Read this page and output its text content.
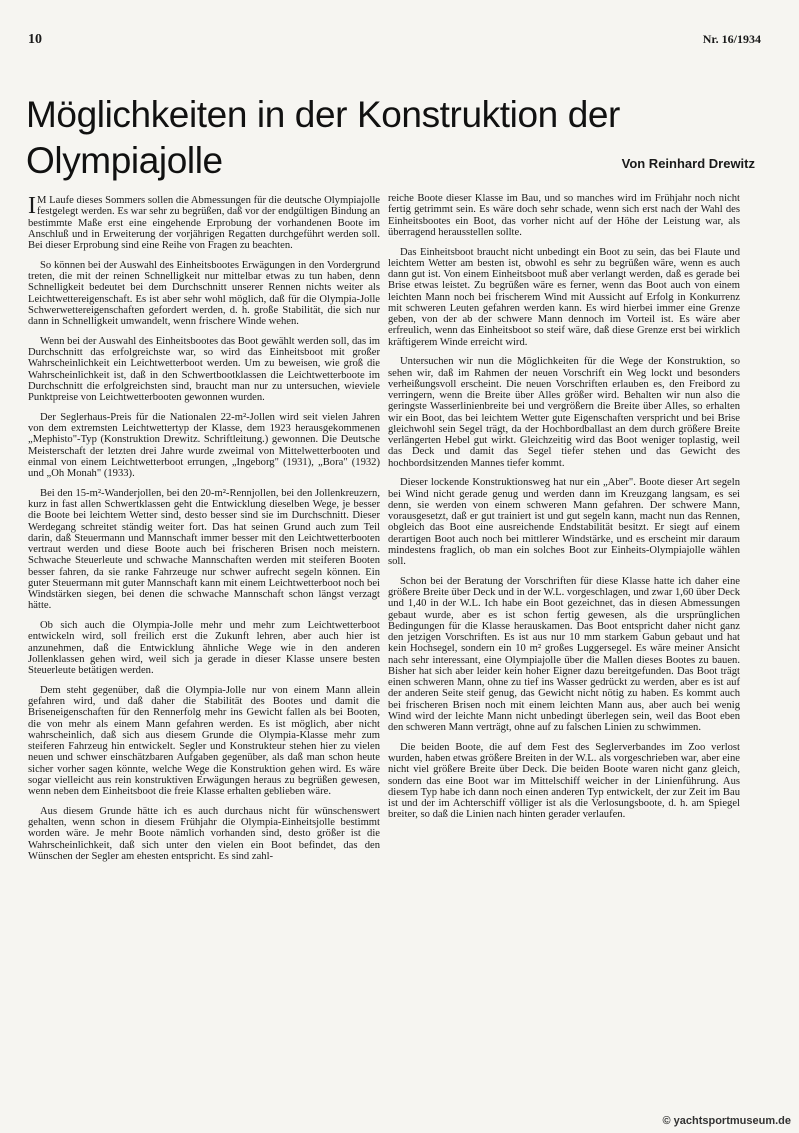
10	Nr. 16/1934
Möglichkeiten in der Konstruktion der Olympiajolle	Von Reinhard Drewitz

I M Laufe dieses Sommers sollen die Abmessungen für die deutsche Olympiajolle festgelegt werden. Es war sehr zu begrüßen, daß vor der endgültigen Bindung an bestimmte Maße erst eine eingehende Erprobung der vorhandenen Boote im Anschluß und in Erweiterung der vorjährigen Regatten durchgeführt werden soll. Bei dieser Erprobung sind eine Reihe von Fragen zu beachten.

So können bei der Auswahl des Einheitsbootes Erwägungen in den Vordergrund treten, die mit der reinen Schnelligkeit nur mittelbar etwas zu tun haben, denn Schnelligkeit bedeutet bei dem Durchschnitt unserer Rennen nichts weiter als Leichtwettereigenschaft. Es ist aber sehr wohl möglich, daß für die Olympia-Jolle Schwerwettereigenschaften gefordert werden, d. h. große Stabilität, die sich nur dann in Schnelligkeit umwandelt, wenn frischere Winde wehen.

Wenn bei der Auswahl des Einheitsbootes das Boot gewählt werden soll, das im Durchschnitt das erfolgreichste war, so wird das Einheitsboot mit großer Wahrscheinlichkeit ein Leichtwetterboot werden. Um zu beweisen, wie groß die Wahrscheinlichkeit ist, daß in den Schwertbootklassen die Leichtwetterboote im Durchschnitt die erfolgreichsten sind, braucht man nur zu untersuchen, wieviele Punktpreise von Leichtwetterbooten gewonnen wurden.

Der Seglerhaus-Preis für die Nationalen 22-m²-Jollen wird seit vielen Jahren von dem extremsten Leichtwettertyp der Klasse, dem 1923 herausgekommenen „Mephisto"-Typ (Konstruktion Drewitz. Schriftleitung.) gewonnen. Die Deutsche Meisterschaft der letzten drei Jahre wurde zweimal von Mittelwetterbooten und einmal von einem Leichtwetterboot errungen, „Ingeborg" (1931), „Bora" (1932) und „Oh Monah" (1933).

Bei den 15-m²-Wanderjollen, bei den 20-m²-Rennjollen, bei den Jollenkreuzern, kurz in fast allen Schwertklassen geht die Entwicklung dieselben Wege, je besser die Boote bei leichtem Wetter sind, desto besser sind sie im Durchschnitt. Dieser Werdegang schreitet ständig weiter fort. Das hat seinen Grund auch zum Teil darin, daß Steuermann und Mannschaft immer besser mit den Leichtwetterbooten vertraut werden und diese Boote auch bei frischeren Brisen noch meistern. Schwache Steuerleute und schwache Mannschaften werden mit steiferen Booten besser fahren, da sie ranke Fahrzeuge nur schwer aufrecht segeln können. Ein guter Steuermann mit guter Mannschaft kann mit einem Leichtwetterboot noch bei Windstärken siegen, bei denen die schwache Mannschaft schon längst verzagt hätte.

Ob sich auch die Olympia-Jolle mehr und mehr zum Leichtwetterboot entwickeln wird, soll freilich erst die Zukunft lehren, aber auch hier ist anzunehmen, daß die Entwicklung ähnliche Wege wie in den anderen Jollenklassen gehen wird, weil sich ja gerade in dieser Klasse unsere besten Steuerleute betätigen werden.

Dem steht gegenüber, daß die Olympia-Jolle nur von einem Mann allein gefahren wird, und daß daher die Stabilität des Bootes und damit die Briseneigenschaften für den Rennerfolg mehr ins Gewicht fallen als bei Booten, die von mehr als einem Mann gefahren werden. Es ist möglich, aber nicht wahrscheinlich, daß sich aus diesem Grunde die Olympia-Klasse mehr zum steiferen Fahrzeug hin entwickelt. Segler und Konstrukteur stehen hier zu vielen neuen und schwer einschätzbaren Aufgaben gegenüber, als daß man schon heute sicher vorher sagen könnte, welche Wege die Konstruktion gehen wird. Es wäre sogar vielleicht aus rein konstruktiven Erwägungen heraus zu begrüßen gewesen, wenn neben dem Einheitsboot die freie Klasse erhalten geblieben wäre.

Aus diesem Grunde hätte ich es auch durchaus nicht für wünschenswert gehalten, wenn schon in diesem Frühjahr die Olympia-Einheitsjolle bestimmt worden wäre. Je mehr Boote nämlich vorhanden sind, desto größer ist die Wahrscheinlichkeit, daß sich unter den vielen ein Boot befindet, das den Wünschen der Segler am ehesten entspricht. Es sind zahl-

reiche Boote dieser Klasse im Bau, und so manches wird im Frühjahr noch nicht fertig getrimmt sein. Es wäre doch sehr schade, wenn sich erst nach der Wahl des Einheitsbootes ein Boot, das vorher nicht auf der Höhe der Leistung war, als überragend herausstellen sollte.

Das Einheitsboot braucht nicht unbedingt ein Boot zu sein, das bei Flaute und leichtem Wetter am besten ist, obwohl es sehr zu begrüßen wäre, wenn es auch dann gut ist. Von einem Einheitsboot muß aber verlangt werden, daß es gerade bei Brise etwas leistet. Zu begrüßen wäre es ferner, wenn das Boot auch von einem leichten Mann noch bei frischerem Wind mit Aussicht auf Erfolg in Konkurrenz mit schweren Leuten gefahren werden kann. Es wird hierbei immer eine Grenze geben, von der ab der schwere Mann dennoch im Vorteil ist. Es wäre aber erfreulich, wenn das Einheitsboot so steif wäre, daß diese Grenze erst bei wirklich kräftigerem Winde erreicht wird.

Untersuchen wir nun die Möglichkeiten für die Wege der Konstruktion, so sehen wir, daß im Rahmen der neuen Vorschrift ein Weg lockt und besonders verheißungsvoll erscheint. Die neuen Vorschriften erlauben es, den Freibord zu verringern, wenn die Breite über Alles größer wird. Behalten wir nun also die geringste Wasserlinienbreite bei und vergrößern die Breite über Alles, so erhalten wir ein Boot, das bei leichtem Wetter gute Eigenschaften verspricht und bei Brise gleichwohl sein Segel trägt, da der Hochbordballast an dem durch größere Breite verlängerten Hebel gut wirkt. Gleichzeitig wird das Boot weniger toplastig, weil das Deck und damit das Segel tiefer stehen und das Gewicht des hochbordsitzenden Mannes tiefer kommt.

Dieser lockende Konstruktionsweg hat nur ein „Aber". Boote dieser Art segeln bei Wind nicht gerade genug und werden dann im Kreuzgang langsam, es sei denn, sie werden von einem schweren Mann gefahren. Der schwere Mann, vorausgesetzt, daß er gut trainiert ist und gut segeln kann, macht nun das Rennen, obgleich das Boot eine ausreichende Endstabilität besitzt. Er siegt auf einem derartigen Boot auch noch bei mittlerer Windstärke, und es erscheint mir daraum mindestens fraglich, ob man ein solches Boot zur Einheits-Olympiajolle wählen soll.

Schon bei der Beratung der Vorschriften für diese Klasse hatte ich daher eine größere Breite über Deck und in der W.L. vorgeschlagen, und zwar 1,60 über Deck und 1,40 in der W.L. Ich habe ein Boot gezeichnet, das in diesen Abmessungen gebaut wurde, aber es ist schon fertig gewesen, als die ursprünglichen Bedingungen für die Klasse herauskamen. Das Boot entspricht daher nicht ganz den jetzigen Vorschriften. Es ist aus nur 10 mm starkem Gabun gebaut und hat kein Hochsegel, sondern ein 10 m² großes Luggersegel. Es wäre meiner Ansicht nach sehr interessant, eine Olympiajolle über die Mallen dieses Bootes zu bauen. Bisher hat sich aber leider kein hoher Eigner dazu bereitgefunden. Das Boot trägt einen schweren Mann, ohne zu tief ins Wasser gedrückt zu werden, aber es ist auf der anderen Seite steif genug, das Gewicht nicht nötig zu haben. Es kommt auch bei frischeren Brisen noch mit einem leichten Mann aus, aber auch bei wenig Wind wird der leichte Mann nicht unbedingt überlegen sein, weil das Boot eben den schweren Mann verträgt, ohne auf zu falschen Linien zu schwimmen.

Die beiden Boote, die auf dem Fest des Seglerverbandes im Zoo verlost wurden, haben etwas größere Breiten in der W.L. als vorgeschrieben war, aber eine nicht viel größere Breite über Deck. Die beiden Boote waren nicht ganz gleich, sondern das eine Boot war im Mittelschiff weicher in der Linienführung. Aus diesem Typ habe ich dann noch einen anderen Typ entwickelt, der zur Zeit im Bau ist und der im Achterschiff völliger ist als die Verlosungsboote, d. h. am Spiegel breiter, so daß die Linien nach hinten gerader verlaufen.

© yachtsportmuseum.de
